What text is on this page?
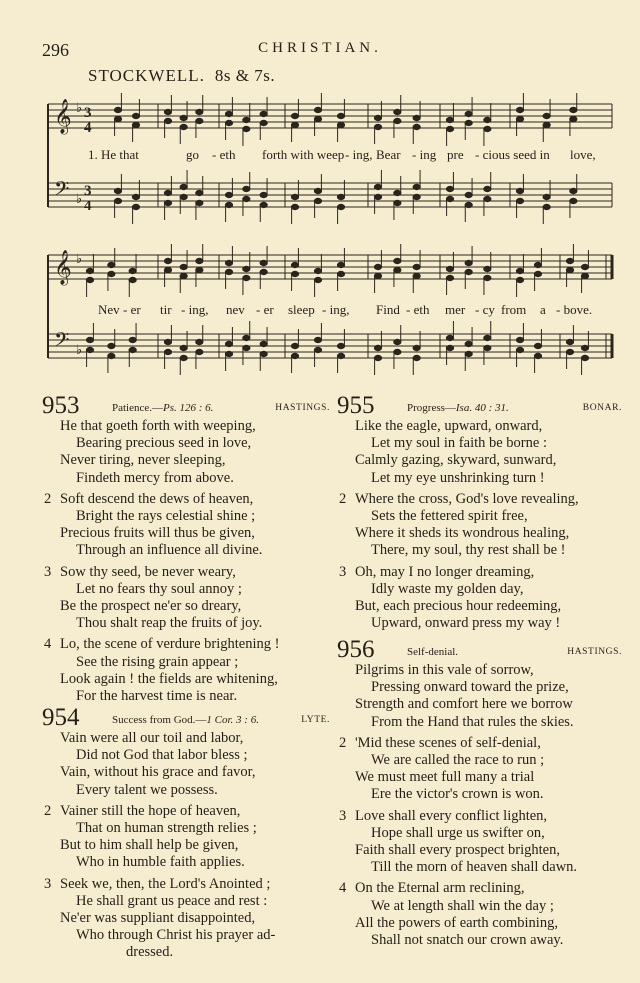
296	CHRISTIAN.
STOCKWELL. 8s & 7s.
𝄞
𝄢
♭
♭
𝄞
𝄢
♭
♭
3
4
3
4
1. He that	go - eth forth with weep - ing, Bear - ing pre - cious seed in love,
Nev - er tir - ing, nev - er sleep - ing, Find - eth mer - cy from a - bove.
953	Patience.—Ps. 126 : 6.	HASTINGS.
He that goeth forth with weeping,
Bearing precious seed in love,
Never tiring, never sleeping,
Findeth mercy from above.
2 Soft descend the dews of heaven,
Bright the rays celestial shine ;
Precious fruits will thus be given,
Through an influence all divine.
3 Sow thy seed, be never weary,
Let no fears thy soul annoy ;
Be the prospect ne'er so dreary,
Thou shalt reap the fruits of joy.
4 Lo, the scene of verdure brightening !
See the rising grain appear ;
Look again ! the fields are whitening,
For the harvest time is near.
954	Success from God.—1 Cor. 3 : 6.	LYTE.
Vain were all our toil and labor,
Did not God that labor bless ;
Vain, without his grace and favor,
Every talent we possess.
2 Vainer still the hope of heaven,
That on human strength relies ;
But to him shall help be given,
Who in humble faith applies.
3 Seek we, then, the Lord's Anointed ;
He shall grant us peace and rest :
Ne'er was suppliant disappointed,
Who through Christ his prayer ad-
dressed.
955	Progress—Isa. 40 : 31.	BONAR.
Like the eagle, upward, onward,
Let my soul in faith be borne :
Calmly gazing, skyward, sunward,
Let my eye unshrinking turn !
2 Where the cross, God's love revealing,
Sets the fettered spirit free,
Where it sheds its wondrous healing,
There, my soul, thy rest shall be !
3 Oh, may I no longer dreaming,
Idly waste my golden day,
But, each precious hour redeeming,
Upward, onward press my way !
956	Self-denial.	HASTINGS.
Pilgrims in this vale of sorrow,
Pressing onward toward the prize,
Strength and comfort here we borrow
From the Hand that rules the skies.
2 'Mid these scenes of self-denial,
We are called the race to run ;
We must meet full many a trial
Ere the victor's crown is won.
3 Love shall every conflict lighten,
Hope shall urge us swifter on,
Faith shall every prospect brighten,
Till the morn of heaven shall dawn.
4 On the Eternal arm reclining,
We at length shall win the day ;
All the powers of earth combining,
Shall not snatch our crown away.
